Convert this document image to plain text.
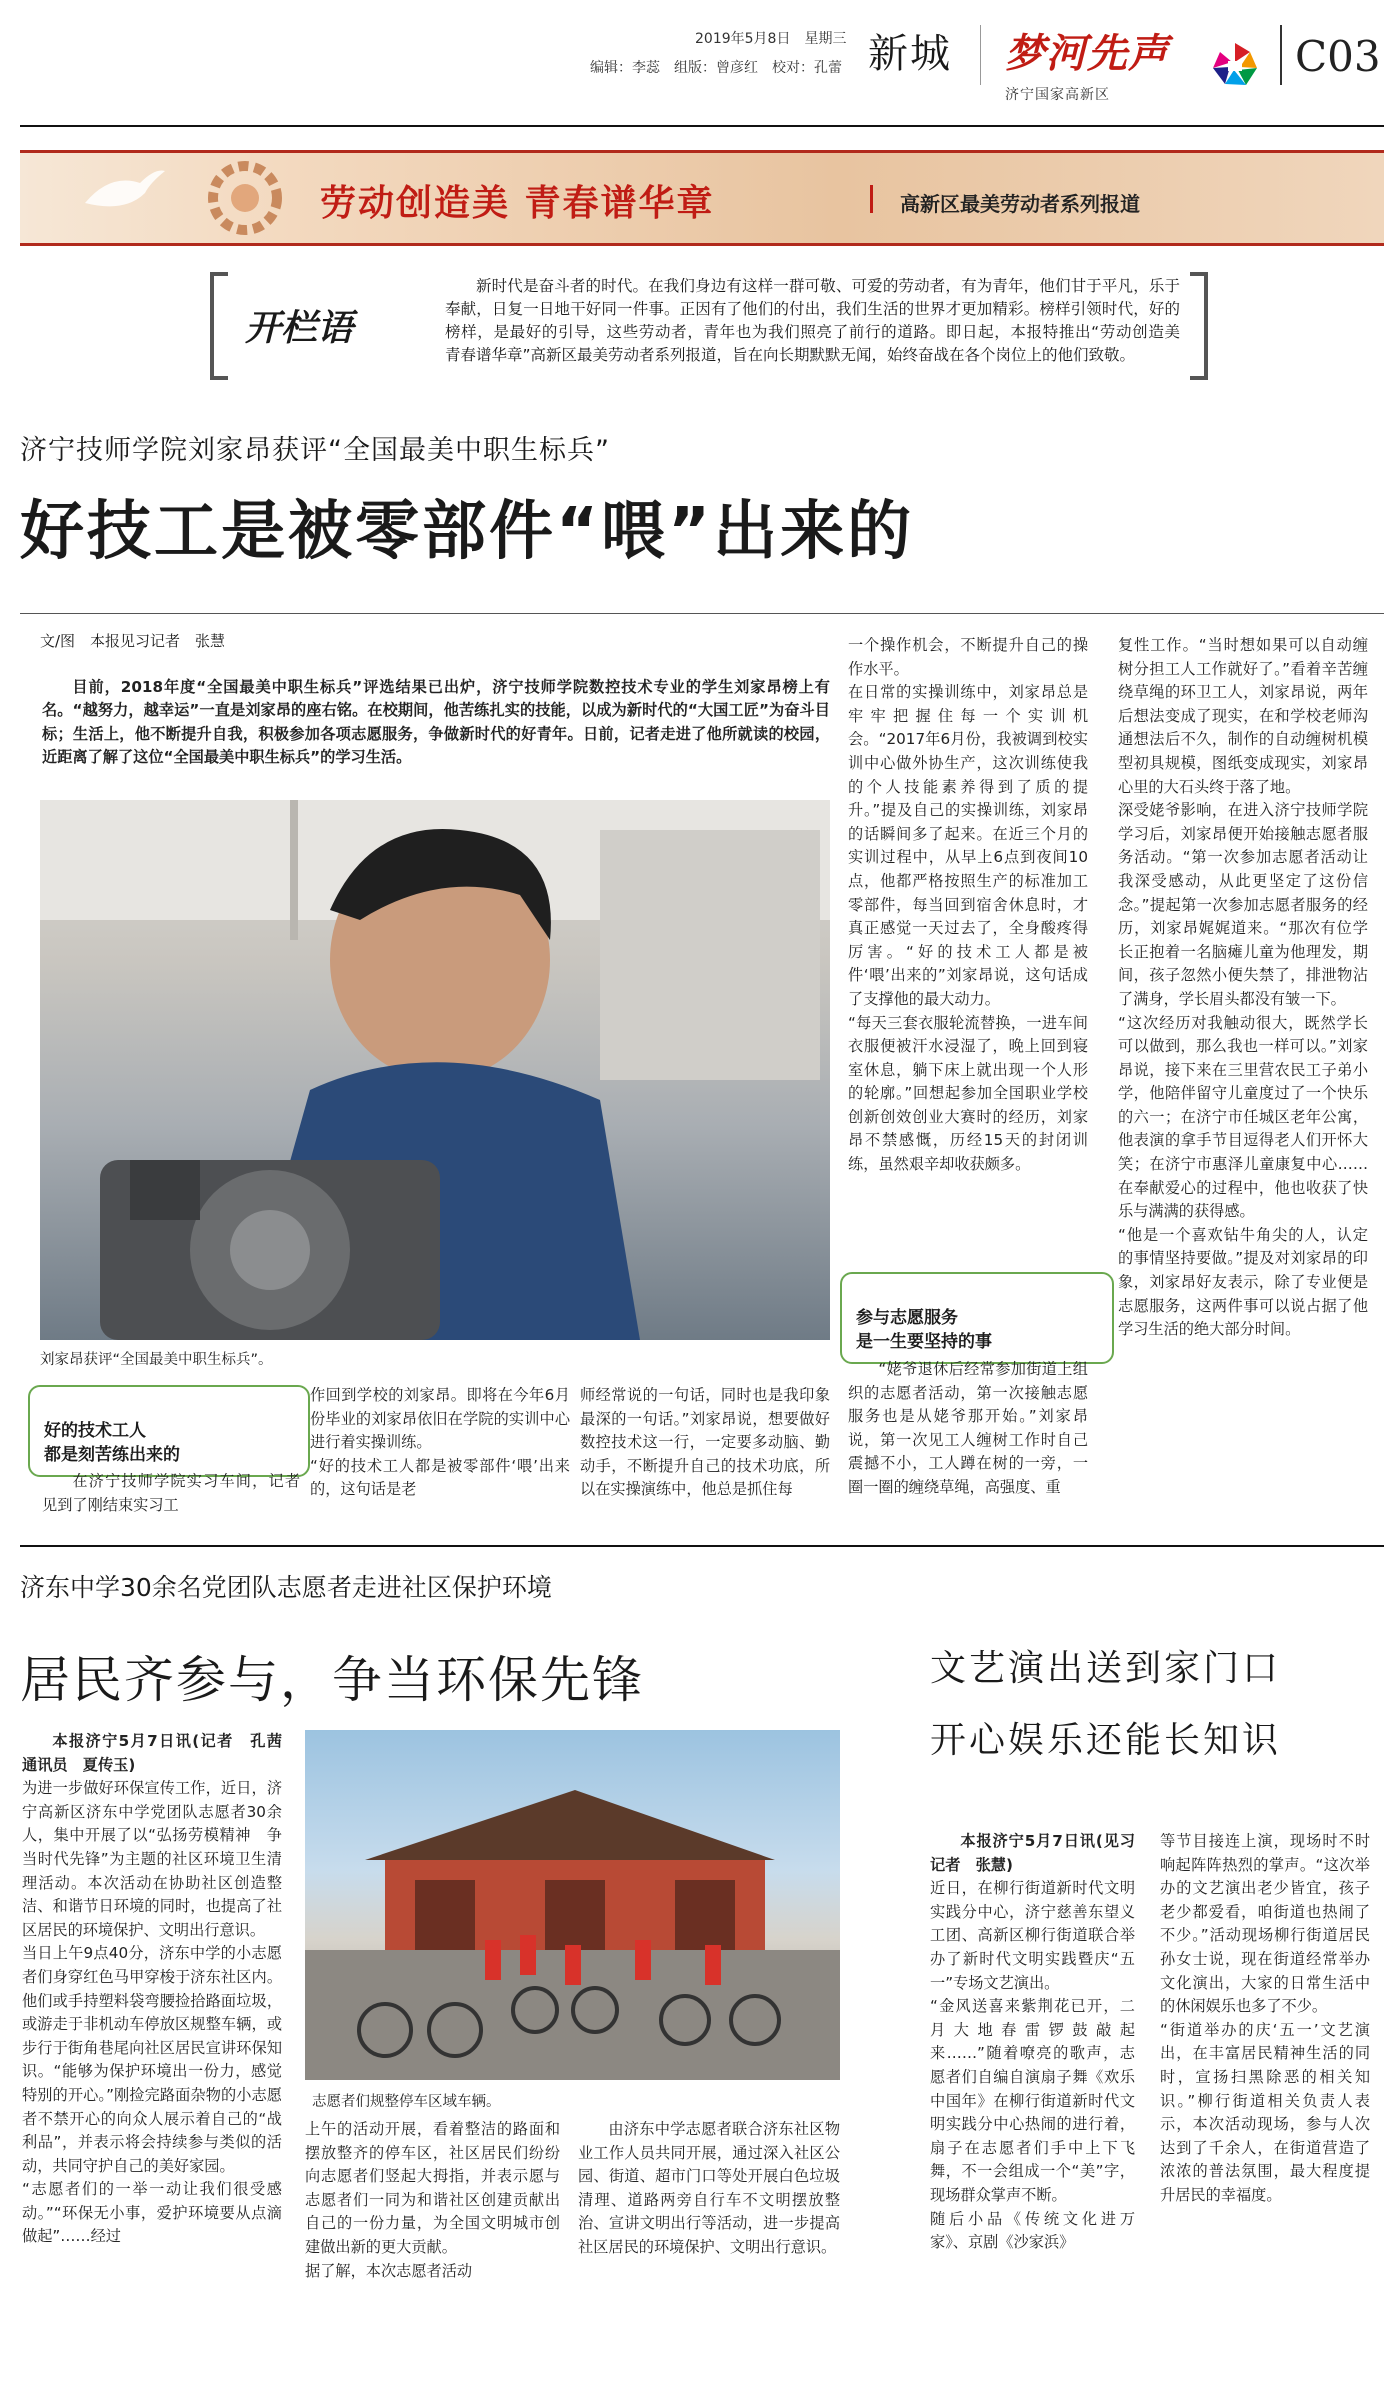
2019年5月8日　星期三
编辑：李蕊　组版：曾彦红　校对：孔蕾 新城 梦河先声
济宁国家高新区
C03
劳动创造美 青春谱华章	高新区最美劳动者系列报道
开栏语
新时代是奋斗者的时代。在我们身边有这样一群可敬、可爱的劳动者，有为青年，他们甘于平凡，乐于奉献，日复一日地干好同一件事。正因有了他们的付出，我们生活的世界才更加精彩。榜样引领时代，好的榜样，是最好的引导，这些劳动者，青年也为我们照亮了前行的道路。即日起，本报特推出“劳动创造美　青春谱华章”高新区最美劳动者系列报道，旨在向长期默默无闻，始终奋战在各个岗位上的他们致敬。
济宁技师学院刘家昂获评“全国最美中职生标兵”
好技工是被零部件“喂”出来的
文/图　本报见习记者　张慧
目前，2018年度“全国最美中职生标兵”评选结果已出炉，济宁技师学院数控技术专业的学生刘家昂榜上有名。“越努力，越幸运”一直是刘家昂的座右铭。在校期间，他苦练扎实的技能，以成为新时代的“大国工匠”为奋斗目标；生活上，他不断提升自我，积极参加各项志愿服务，争做新时代的好青年。日前，记者走进了他所就读的校园，近距离了解了这位“全国最美中职生标兵”的学习生活。
刘家昂获评“全国最美中职生标兵”。

好的技术工人
都是刻苦练出来的

在济宁技师学院实习车间，记者见到了刚结束实习工
作回到学校的刘家昂。即将在今年6月份毕业的刘家昂依旧在学院的实训中心进行着实操训练。
“好的技术工人都是被零部件‘喂’出来的，这句话是老
师经常说的一句话，同时也是我印象最深的一句话。”刘家昂说，想要做好数控技术这一行，一定要多动脑、勤动手，不断提升自己的技术功底，所以在实操演练中，他总是抓住每
一个操作机会，不断提升自己的操作水平。
在日常的实操训练中，刘家昂总是牢牢把握住每一个实训机会。“2017年6月份，我被调到校实训中心做外协生产，这次训练使我的个人技能素养得到了质的提升。”提及自己的实操训练，刘家昂的话瞬间多了起来。在近三个月的实训过程中，从早上6点到夜间10点，他都严格按照生产的标准加工零部件，每当回到宿舍休息时，才真正感觉一天过去了，全身酸疼得厉害。“好的技术工人都是被件‘喂’出来的”刘家昂说，这句话成了支撑他的最大动力。
“每天三套衣服轮流替换，一进车间衣服便被汗水浸湿了，晚上回到寝室休息，躺下床上就出现一个人形的轮廓。”回想起参加全国职业学校创新创效创业大赛时的经历，刘家昂不禁感慨，历经15天的封闭训练，虽然艰辛却收获颇多。

参与志愿服务
是一生要坚持的事

“姥爷退休后经常参加街道上组织的志愿者活动，第一次接触志愿服务也是从姥爷那开始。”刘家昂说，第一次见工人缠树工作时自己震撼不小，工人蹲在树的一旁，一圈一圈的缠绕草绳，高强度、重
复性工作。“当时想如果可以自动缠树分担工人工作就好了。”看着辛苦缠绕草绳的环卫工人，刘家昂说，两年后想法变成了现实，在和学校老师沟通想法后不久，制作的自动缠树机模型初具规模，图纸变成现实，刘家昂心里的大石头终于落了地。
深受姥爷影响，在进入济宁技师学院学习后，刘家昂便开始接触志愿者服务活动。“第一次参加志愿者活动让我深受感动，从此更坚定了这份信念。”提起第一次参加志愿者服务的经历，刘家昂娓娓道来。“那次有位学长正抱着一名脑瘫儿童为他理发，期间，孩子忽然小便失禁了，排泄物沾了满身，学长眉头都没有皱一下。
“这次经历对我触动很大，既然学长可以做到，那么我也一样可以。”刘家昂说，接下来在三里营农民工子弟小学，他陪伴留守儿童度过了一个快乐的六一；在济宁市任城区老年公寓，他表演的拿手节目逗得老人们开怀大笑；在济宁市惠泽儿童康复中心……在奉献爱心的过程中，他也收获了快乐与满满的获得感。
“他是一个喜欢钻牛角尖的人，认定的事情坚持要做。”提及对刘家昂的印象，刘家昂好友表示，除了专业便是志愿服务，这两件事可以说占据了他学习生活的绝大部分时间。
济东中学30余名党团队志愿者走进社区保护环境
居民齐参与，争当环保先锋

本报济宁5月7日讯(记者　孔茜　通讯员　夏传玉)

为进一步做好环保宣传工作，近日，济宁高新区济东中学党团队志愿者30余人，集中开展了以“弘扬劳模精神　争当时代先锋”为主题的社区环境卫生清理活动。本次活动在协助社区创造整洁、和谐节日环境的同时，也提高了社区居民的环境保护、文明出行意识。
当日上午9点40分，济东中学的小志愿者们身穿红色马甲穿梭于济东社区内。他们或手持塑料袋弯腰捡拾路面垃圾，或游走于非机动车停放区规整车辆，或步行于街角巷尾向社区居民宣讲环保知识。“能够为保护环境出一份力，感觉特别的开心。”刚捡完路面杂物的小志愿者不禁开心的向众人展示着自己的“战利品”，并表示将会持续参与类似的活动，共同守护自己的美好家园。
“志愿者们的一举一动让我们很受感动。”“环保无小事，爱护环境要从点滴做起”……经过
志愿者们规整停车区域车辆。
上午的活动开展，看着整洁的路面和摆放整齐的停车区，社区居民们纷纷向志愿者们竖起大拇指，并表示愿与志愿者们一同为和谐社区创建贡献出自己的一份力量，为全国文明城市创建做出新的更大贡献。
据了解，本次志愿者活动
由济东中学志愿者联合济东社区物业工作人员共同开展，通过深入社区公园、街道、超市门口等处开展白色垃圾清理、道路两旁自行车不文明摆放整治、宣讲文明出行等活动，进一步提高社区居民的环境保护、文明出行意识。
文艺演出送到家门口
开心娱乐还能长知识

本报济宁5月7日讯(见习记者　张慧)

近日，在柳行街道新时代文明实践分中心，济宁慈善东望义工团、高新区柳行街道联合举办了新时代文明实践暨庆“五一”专场文艺演出。
“金风送喜来紫荆花已开，二月大地春雷锣鼓敲起来……”随着嘹亮的歌声，志愿者们自编自演扇子舞《欢乐中国年》在柳行街道新时代文明实践分中心热闹的进行着，扇子在志愿者们手中上下飞舞，不一会组成一个“美”字，现场群众掌声不断。
随后小品《传统文化进万家》、京剧《沙家浜》
等节目接连上演，现场时不时响起阵阵热烈的掌声。“这次举办的文艺演出老少皆宜，孩子老少都爱看，咱街道也热闹了不少。”活动现场柳行街道居民孙女士说，现在街道经常举办文化演出，大家的日常生活中的休闲娱乐也多了不少。
“街道举办的庆‘五一’文艺演出，在丰富居民精神生活的同时，宣扬扫黑除恶的相关知识。”柳行街道相关负责人表示，本次活动现场，参与人次达到了千余人，在街道营造了浓浓的普法氛围，最大程度提升居民的幸福度。
